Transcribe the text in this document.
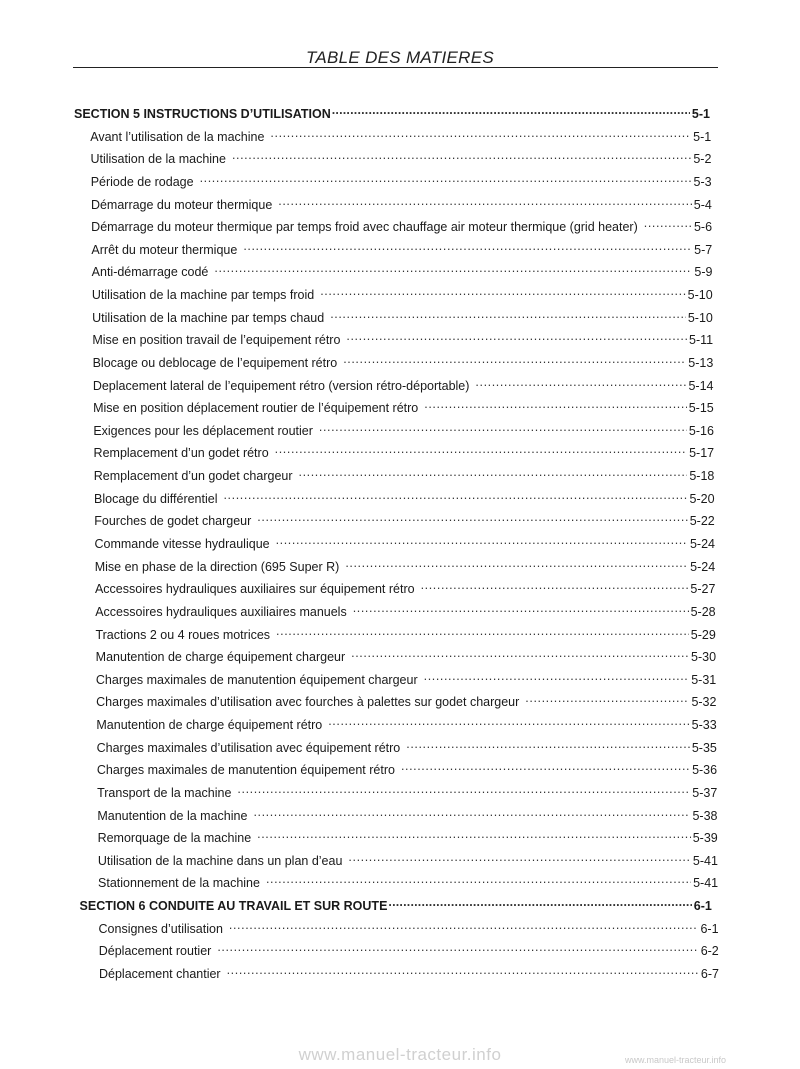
TABLE DES MATIERES
SECTION 5 INSTRUCTIONS D’UTILISATION .....	5-1
Avant l’utilisation de la machine .....	5-1
Utilisation de la machine .....	5-2
Période de rodage .....	5-3
Démarrage du moteur thermique .....	5-4
Démarrage du moteur thermique par temps froid avec chauffage air moteur thermique (grid heater) .....	5-6
Arrêt du moteur thermique .....	5-7
Anti-démarrage codé .....	5-9
Utilisation de la machine par temps froid .....	5-10
Utilisation de la machine par temps chaud .....	5-10
Mise en position travail de l’equipement rétro .....	5-11
Blocage ou deblocage de l’equipement rétro .....	5-13
Deplacement lateral de l’equipement rétro (version rétro-déportable) .....	5-14
Mise en position déplacement routier de l’équipement rétro .....	5-15
Exigences pour les déplacement routier .....	5-16
Remplacement d’un godet rétro .....	5-17
Remplacement d’un godet chargeur .....	5-18
Blocage du différentiel .....	5-20
Fourches de godet chargeur .....	5-22
Commande vitesse hydraulique .....	5-24
Mise en phase de la direction (695 Super R) .....	5-24
Accessoires hydrauliques auxiliaires sur équipement rétro .....	5-27
Accessoires hydrauliques auxiliaires manuels .....	5-28
Tractions 2 ou 4 roues motrices .....	5-29
Manutention de charge équipement chargeur .....	5-30
Charges maximales de manutention équipement chargeur .....	5-31
Charges maximales d’utilisation avec fourches à palettes sur godet chargeur .....	5-32
Manutention de charge équipement rétro .....	5-33
Charges maximales d’utilisation avec équipement rétro .....	5-35
Charges maximales de manutention équipement rétro .....	5-36
Transport de la machine .....	5-37
Manutention de la machine .....	5-38
Remorquage de la machine .....	5-39
Utilisation de la machine dans un plan d’eau .....	5-41
Stationnement de la machine .....	5-41
SECTION 6 CONDUITE AU TRAVAIL ET SUR ROUTE .....	6-1
Consignes d’utilisation .....	6-1
Déplacement routier .....	6-2
Déplacement chantier .....	6-7
www.manuel-tracteur.info	www.manuel-tracteur.info
